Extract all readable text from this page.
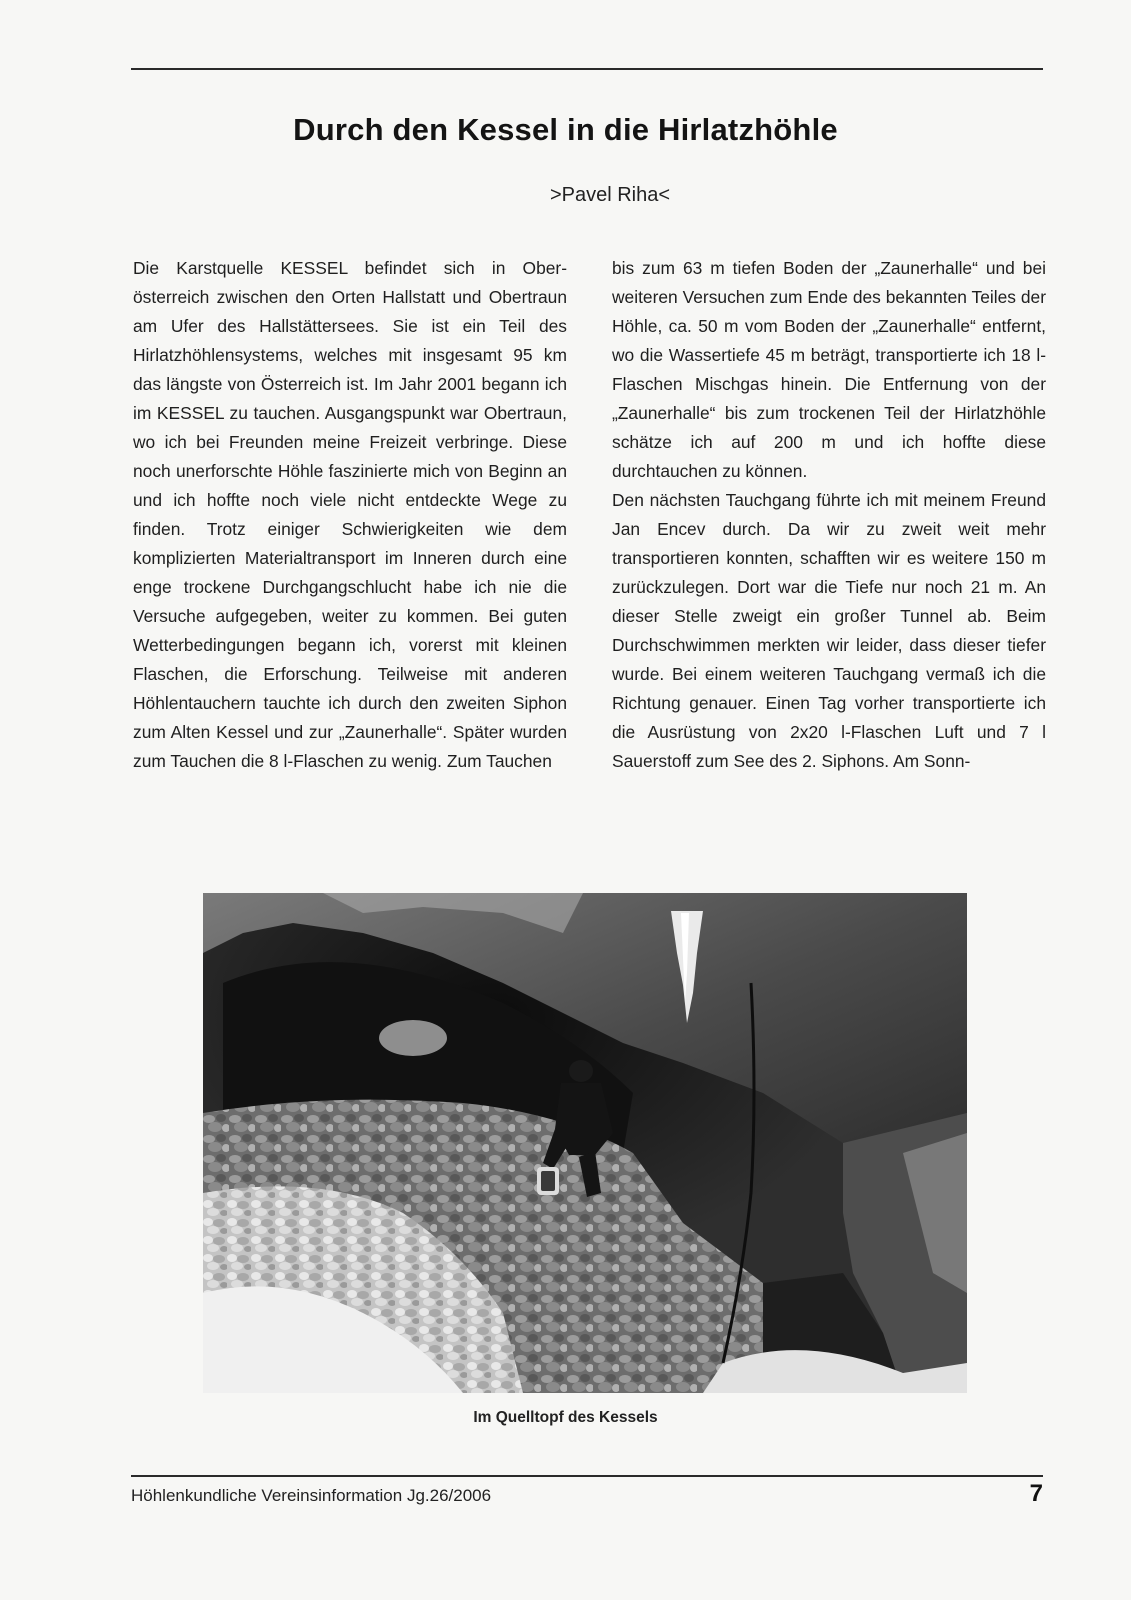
Durch den Kessel in die Hirlatzhöhle
>Pavel Riha<

Die Karstquelle KESSEL befindet sich in Ober-österreich zwischen den Orten Hallstatt und Obertraun am Ufer des Hallstättersees. Sie ist ein Teil des Hirlatzhöhlensystems, welches mit insgesamt 95 km das längste von Österreich ist. Im Jahr 2001 begann ich im KESSEL zu tauchen. Ausgangspunkt war Obertraun, wo ich bei Freunden meine Freizeit verbringe. Diese noch unerforschte Höhle faszinierte mich von Beginn an und ich hoffte noch viele nicht entdeckte Wege zu finden. Trotz einiger Schwierigkeiten wie dem komplizierten Materialtransport im Inneren durch eine enge trockene Durchgangschlucht habe ich nie die Versuche aufgegeben, weiter zu kommen. Bei guten Wetterbedingungen begann ich, vorerst mit kleinen Flaschen, die Erforschung. Teilweise mit anderen Höhlentauchern tauchte ich durch den zweiten Siphon zum Alten Kessel und zur „Zaunerhalle“. Später wurden zum Tauchen die 8 l-Flaschen zu wenig. Zum Tauchen

bis zum 63 m tiefen Boden der „Zaunerhalle“ und bei weiteren Versuchen zum Ende des bekannten Teiles der Höhle, ca. 50 m vom Boden der „Zaunerhalle“ entfernt, wo die Wassertiefe 45 m beträgt, transportierte ich 18 l-Flaschen Mischgas hinein. Die Entfernung von der „Zaunerhalle“ bis zum trockenen Teil der Hirlatzhöhle schätze ich auf 200 m und ich hoffte diese durchtauchen zu können.

Den nächsten Tauchgang führte ich mit meinem Freund Jan Encev durch. Da wir zu zweit weit mehr transportieren konnten, schafften wir es weitere 150 m zurückzulegen. Dort war die Tiefe nur noch 21 m. An dieser Stelle zweigt ein großer Tunnel ab. Beim Durchschwimmen merkten wir leider, dass dieser tiefer wurde. Bei einem weiteren Tauchgang vermaß ich die Richtung genauer. Einen Tag vorher transportierte ich die Ausrüstung von 2x20 l-Flaschen Luft und 7 l Sauerstoff zum See des 2. Siphons. Am Sonn-

Im Quelltopf des Kessels
Höhlenkundliche Vereinsinformation Jg.26/2006	7
